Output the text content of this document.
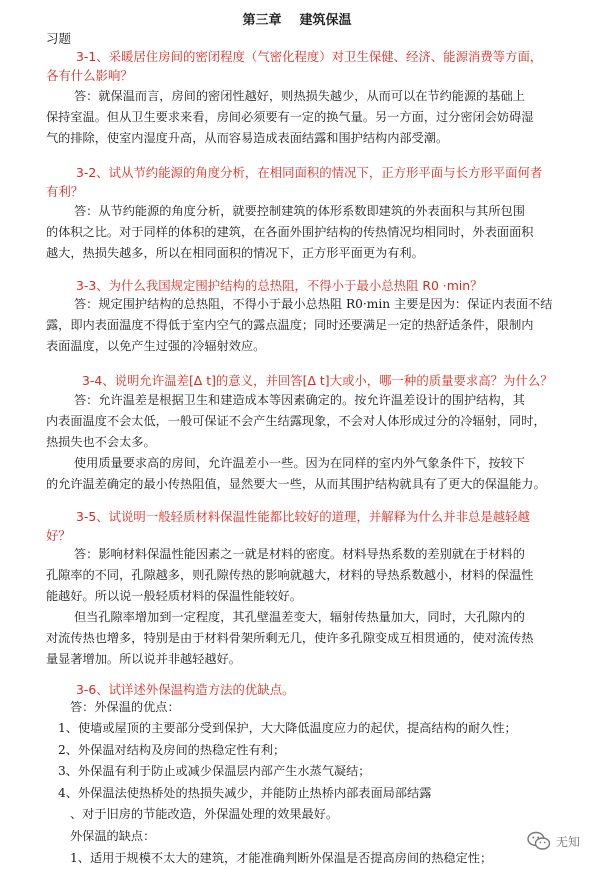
第三章    建筑保温
习题
3-1、采暖居住房间的密闭程度（气密化程度）对卫生保健、经济、能源消费等方面，
各有什么影响？
答：就保温而言，房间的密闭性越好，则热损失越少，从而可以在节约能源的基础上
保持室温。但从卫生要求来看，房间必须要有一定的换气量。另一方面，过分密闭会妨碍湿
气的排除，使室内湿度升高，从而容易造成表面结露和围护结构内部受潮。
3-2、试从节约能源的角度分析，在相同面积的情况下，正方形平面与长方形平面何者
有利？
答：从节约能源的角度分析，就要控制建筑的体形系数即建筑的外表面积与其所包围
的体积之比。对于同样的体积的建筑，在各面外围护结构的传热情况均相同时，外表面面积
越大，热损失越多，所以在相同面积的情况下，正方形平面更为有利。
3-3、为什么我国规定围护结构的总热阻，不得小于最小总热阻 R0 ·min？
答：规定围护结构的总热阻，不得小于最小总热阻 R0·min 主要是因为：保证内表面不结
露，即内表面温度不得低于室内空气的露点温度；同时还要满足一定的热舒适条件，限制内
表面温度，以免产生过强的冷辐射效应。
3-4、说明允许温差[Δ t]的意义，并回答[Δ t]大或小，哪一种的质量要求高？为什么？
答：允许温差是根据卫生和建造成本等因素确定的。按允许温差设计的围护结构，其
内表面温度不会太低，一般可保证不会产生结露现象，不会对人体形成过分的冷辐射，同时，
热损失也不会太多。
使用质量要求高的房间，允许温差小一些。因为在同样的室内外气象条件下，按较下
的允许温差确定的最小传热阻值，显然要大一些，从而其围护结构就具有了更大的保温能力。
3-5、试说明一般轻质材料保温性能都比较好的道理，并解释为什么并非总是越轻越
好？
答：影响材料保温性能因素之一就是材料的密度。材料导热系数的差别就在于材料的
孔隙率的不同，孔隙越多，则孔隙传热的影响就越大，材料的导热系数越小，材料的保温性
能越好。所以说一般轻质材料的保温性能较好。
但当孔隙率增加到一定程度，其孔壁温差变大，辐射传热量加大，同时，大孔隙内的
对流传热也增多，特别是由于材料骨架所剩无几，使许多孔隙变成互相贯通的，使对流传热
量显著增加。所以说并非越轻越好。
3-6、试详述外保温构造方法的优缺点。
答：外保温的优点：
1、使墙或屋顶的主要部分受到保护，大大降低温度应力的起伏，提高结构的耐久性；
2、外保温对结构及房间的热稳定性有利；
3、外保温有利于防止或减少保温层内部产生水蒸气凝结；
4、外保温法使热桥处的热损失减少，并能防止热桥内部表面局部结露
、对于旧房的节能改造，外保温处理的效果最好。
外保温的缺点：
1、适用于规模不太大的建筑，才能准确判断外保温是否提高房间的热稳定性；
无知
